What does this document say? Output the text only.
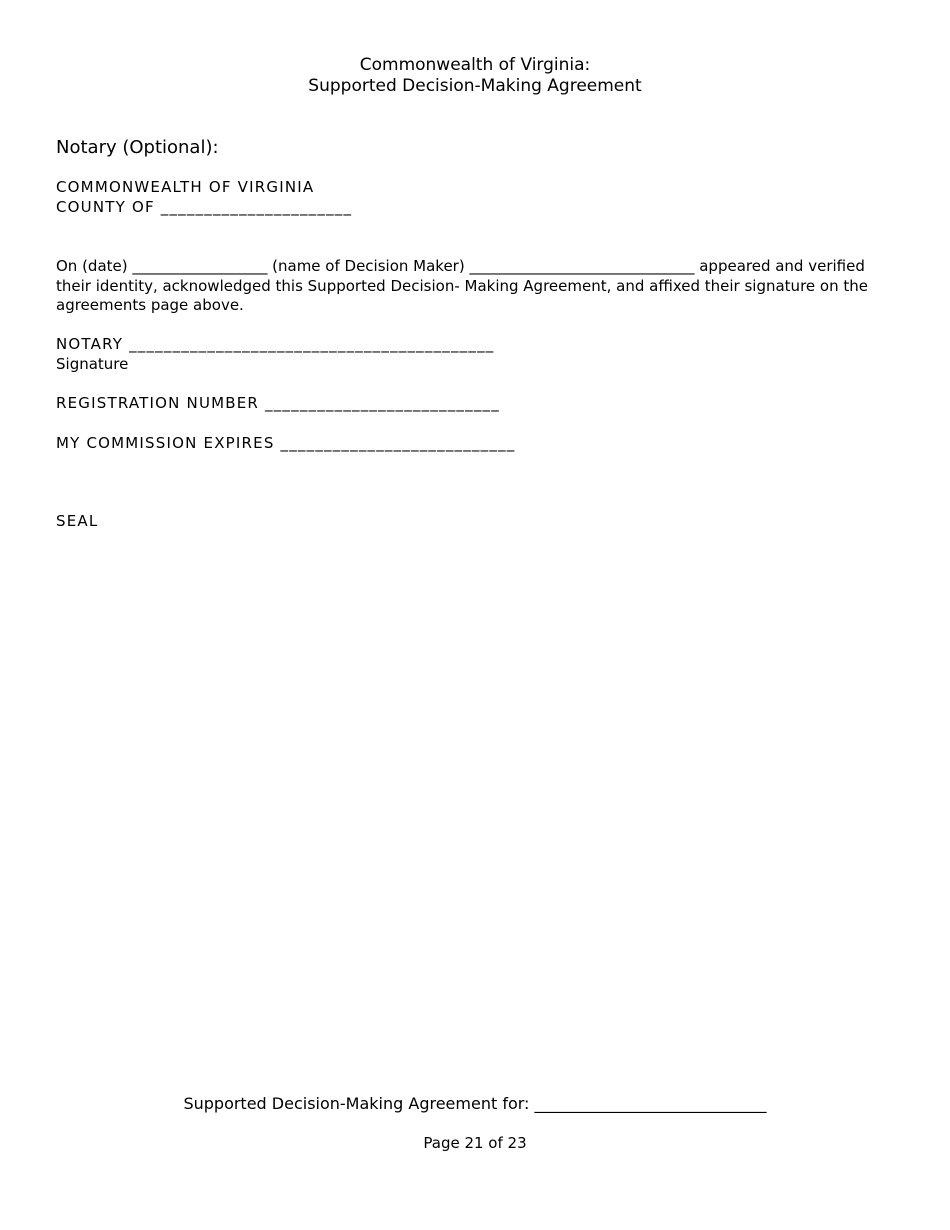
Commonwealth of Virginia:
Supported Decision-Making Agreement
Notary (Optional):
COMMONWEALTH OF VIRGINIA
COUNTY OF ______________________
On (date) __________________ (name of Decision Maker) ______________________________ appeared and verified their identity, acknowledged this Supported Decision- Making Agreement, and affixed their signature on the agreements page above.
NOTARY __________________________________________
Signature
REGISTRATION NUMBER ___________________________
MY COMMISSION EXPIRES ___________________________
SEAL
Supported Decision-Making Agreement for: _____________________________
Page 21 of 23
